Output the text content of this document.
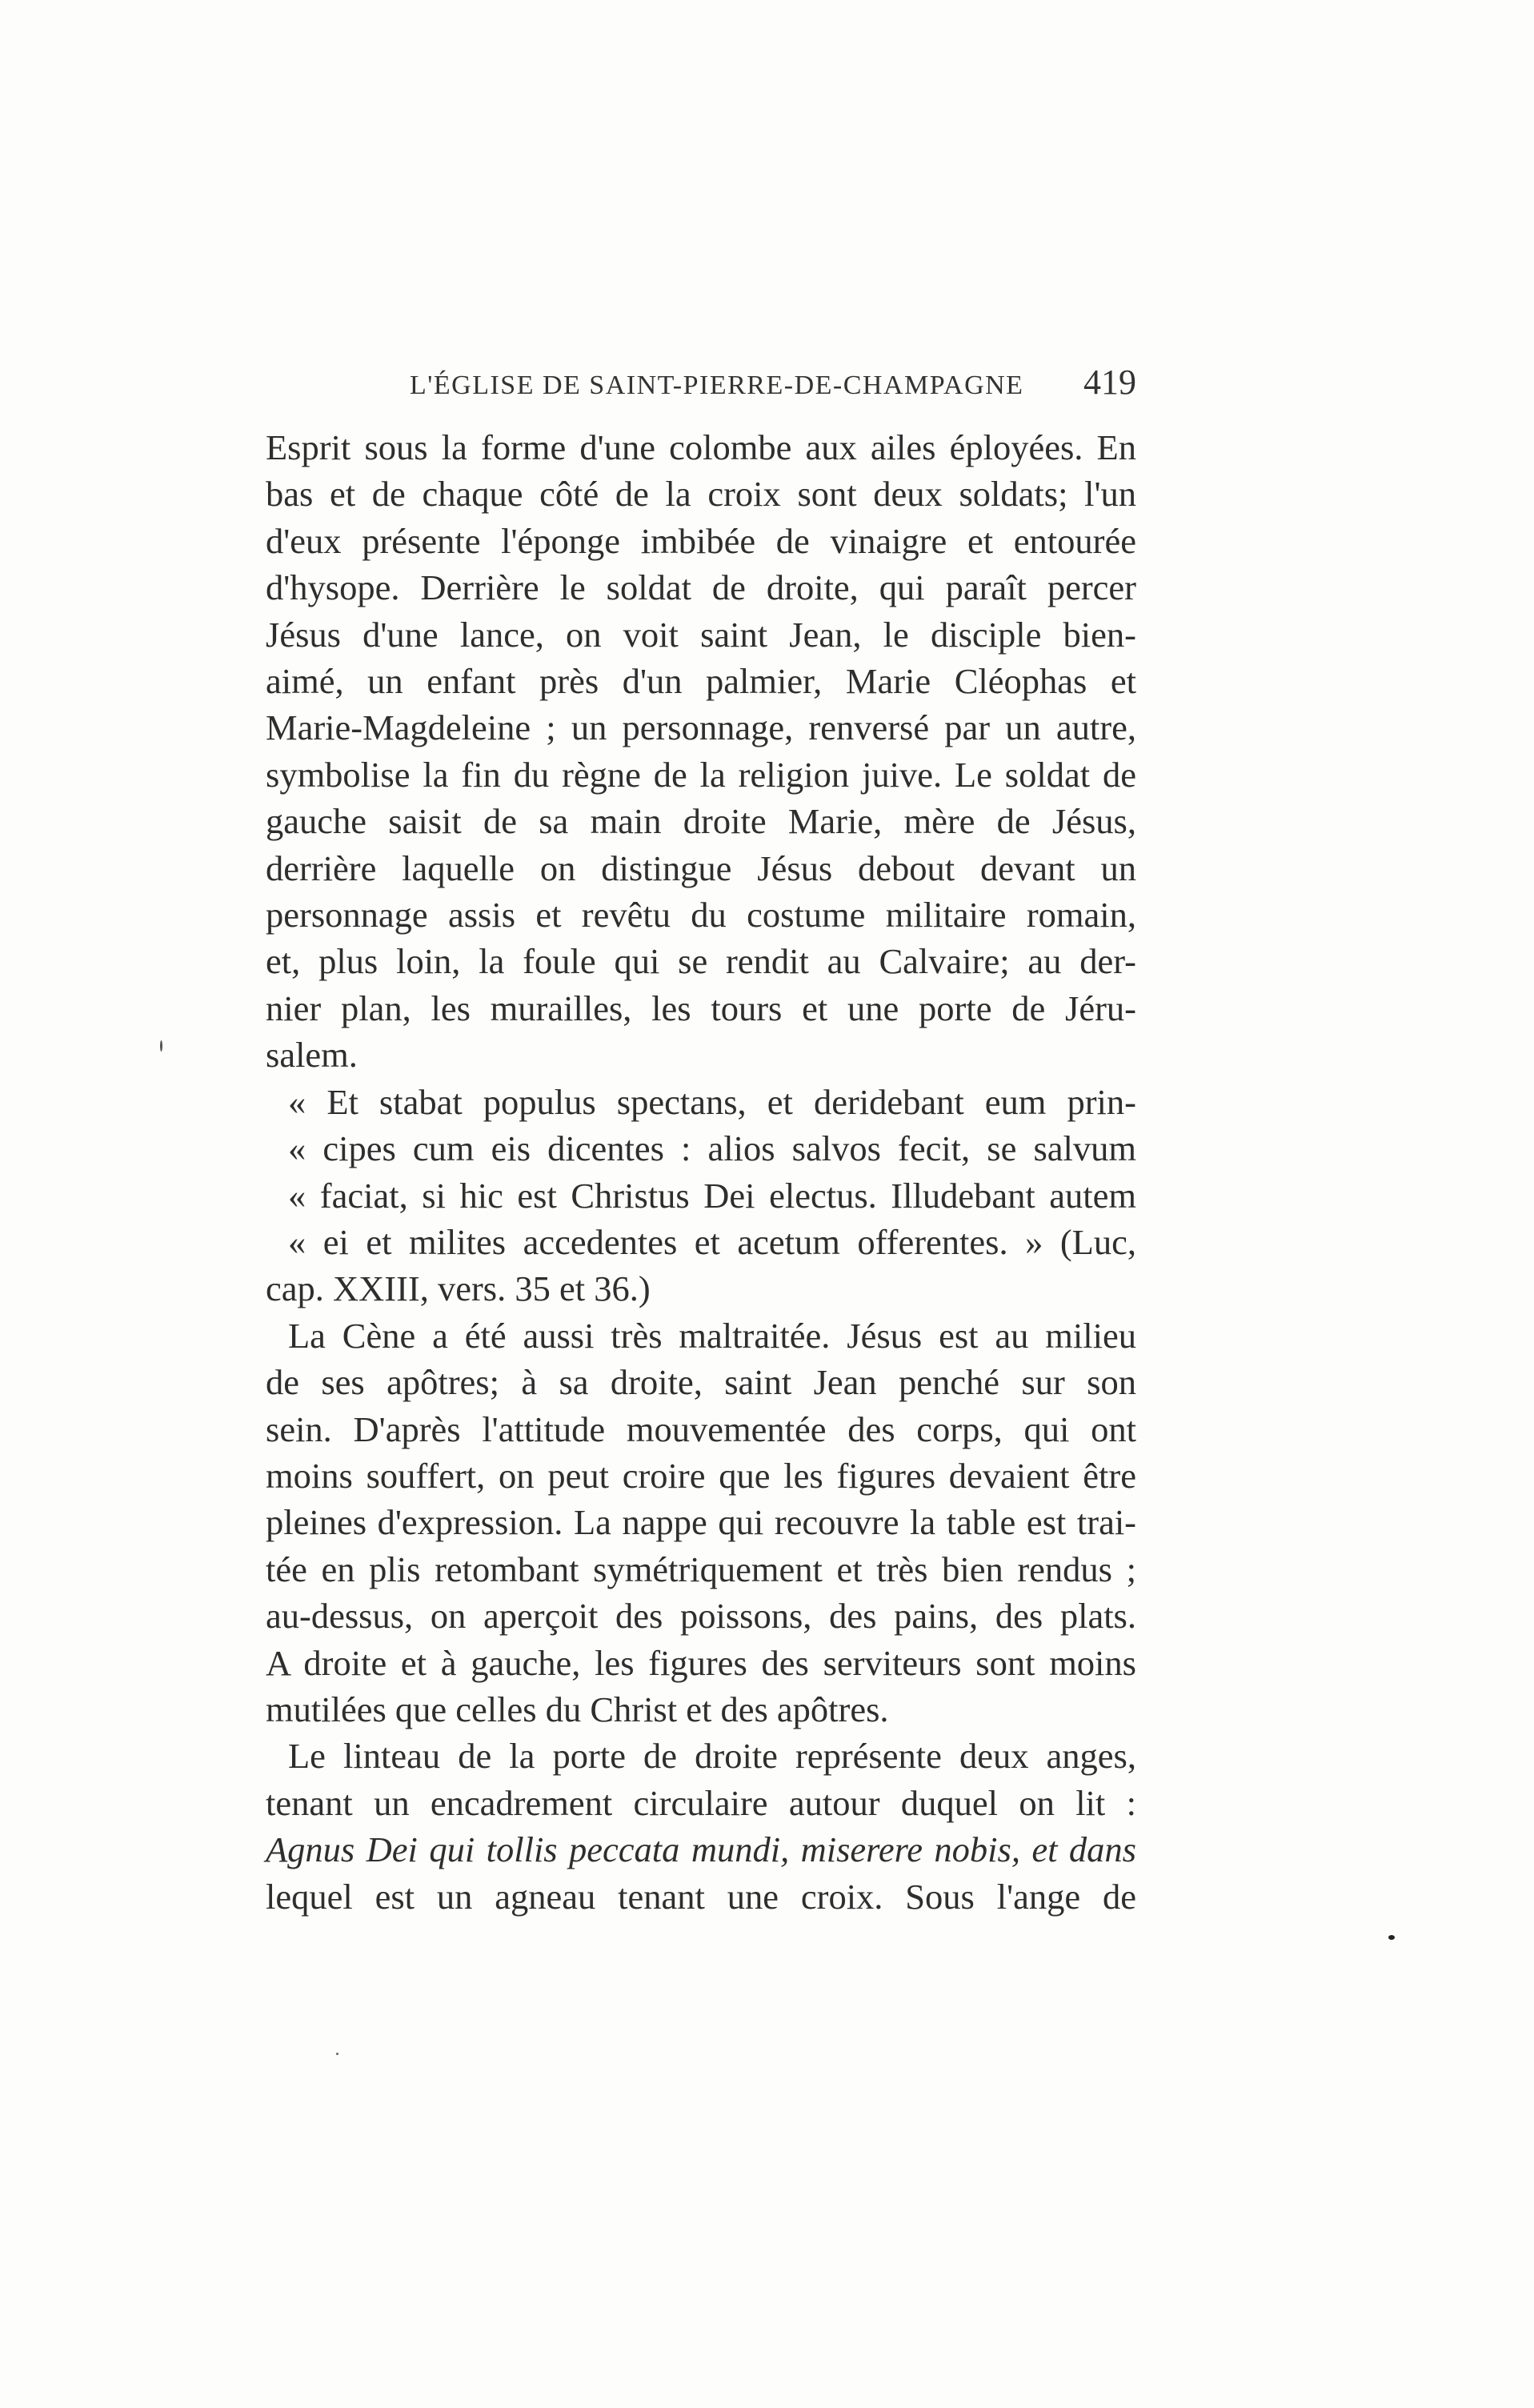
L'ÉGLISE DE SAINT-PIERRE-DE-CHAMPAGNE 419
Esprit sous la forme d'une colombe aux ailes éployées. En
bas et de chaque côté de la croix sont deux soldats; l'un
d'eux présente l'éponge imbibée de vinaigre et entourée
d'hysope. Derrière le soldat de droite, qui paraît percer
Jésus d'une lance, on voit saint Jean, le disciple bien-
aimé, un enfant près d'un palmier, Marie Cléophas et
Marie-Magdeleine ; un personnage, renversé par un autre,
symbolise la fin du règne de la religion juive. Le soldat de
gauche saisit de sa main droite Marie, mère de Jésus,
derrière laquelle on distingue Jésus debout devant un
personnage assis et revêtu du costume militaire romain,
et, plus loin, la foule qui se rendit au Calvaire; au der-
nier plan, les murailles, les tours et une porte de Jéru-
salem.
« Et stabat populus spectans, et deridebant eum prin-
« cipes cum eis dicentes : alios salvos fecit, se salvum
« faciat, si hic est Christus Dei electus. Illudebant autem
« ei et milites accedentes et acetum offerentes. » (Luc,
cap. XXIII, vers. 35 et 36.)
La Cène a été aussi très maltraitée. Jésus est au milieu
de ses apôtres; à sa droite, saint Jean penché sur son
sein. D'après l'attitude mouvementée des corps, qui ont
moins souffert, on peut croire que les figures devaient être
pleines d'expression. La nappe qui recouvre la table est trai-
tée en plis retombant symétriquement et très bien rendus ;
au-dessus, on aperçoit des poissons, des pains, des plats.
A droite et à gauche, les figures des serviteurs sont moins
mutilées que celles du Christ et des apôtres.
Le linteau de la porte de droite représente deux anges,
tenant un encadrement circulaire autour duquel on lit :
Agnus Dei qui tollis peccata mundi, miserere nobis, et dans
lequel est un agneau tenant une croix. Sous l'ange de
